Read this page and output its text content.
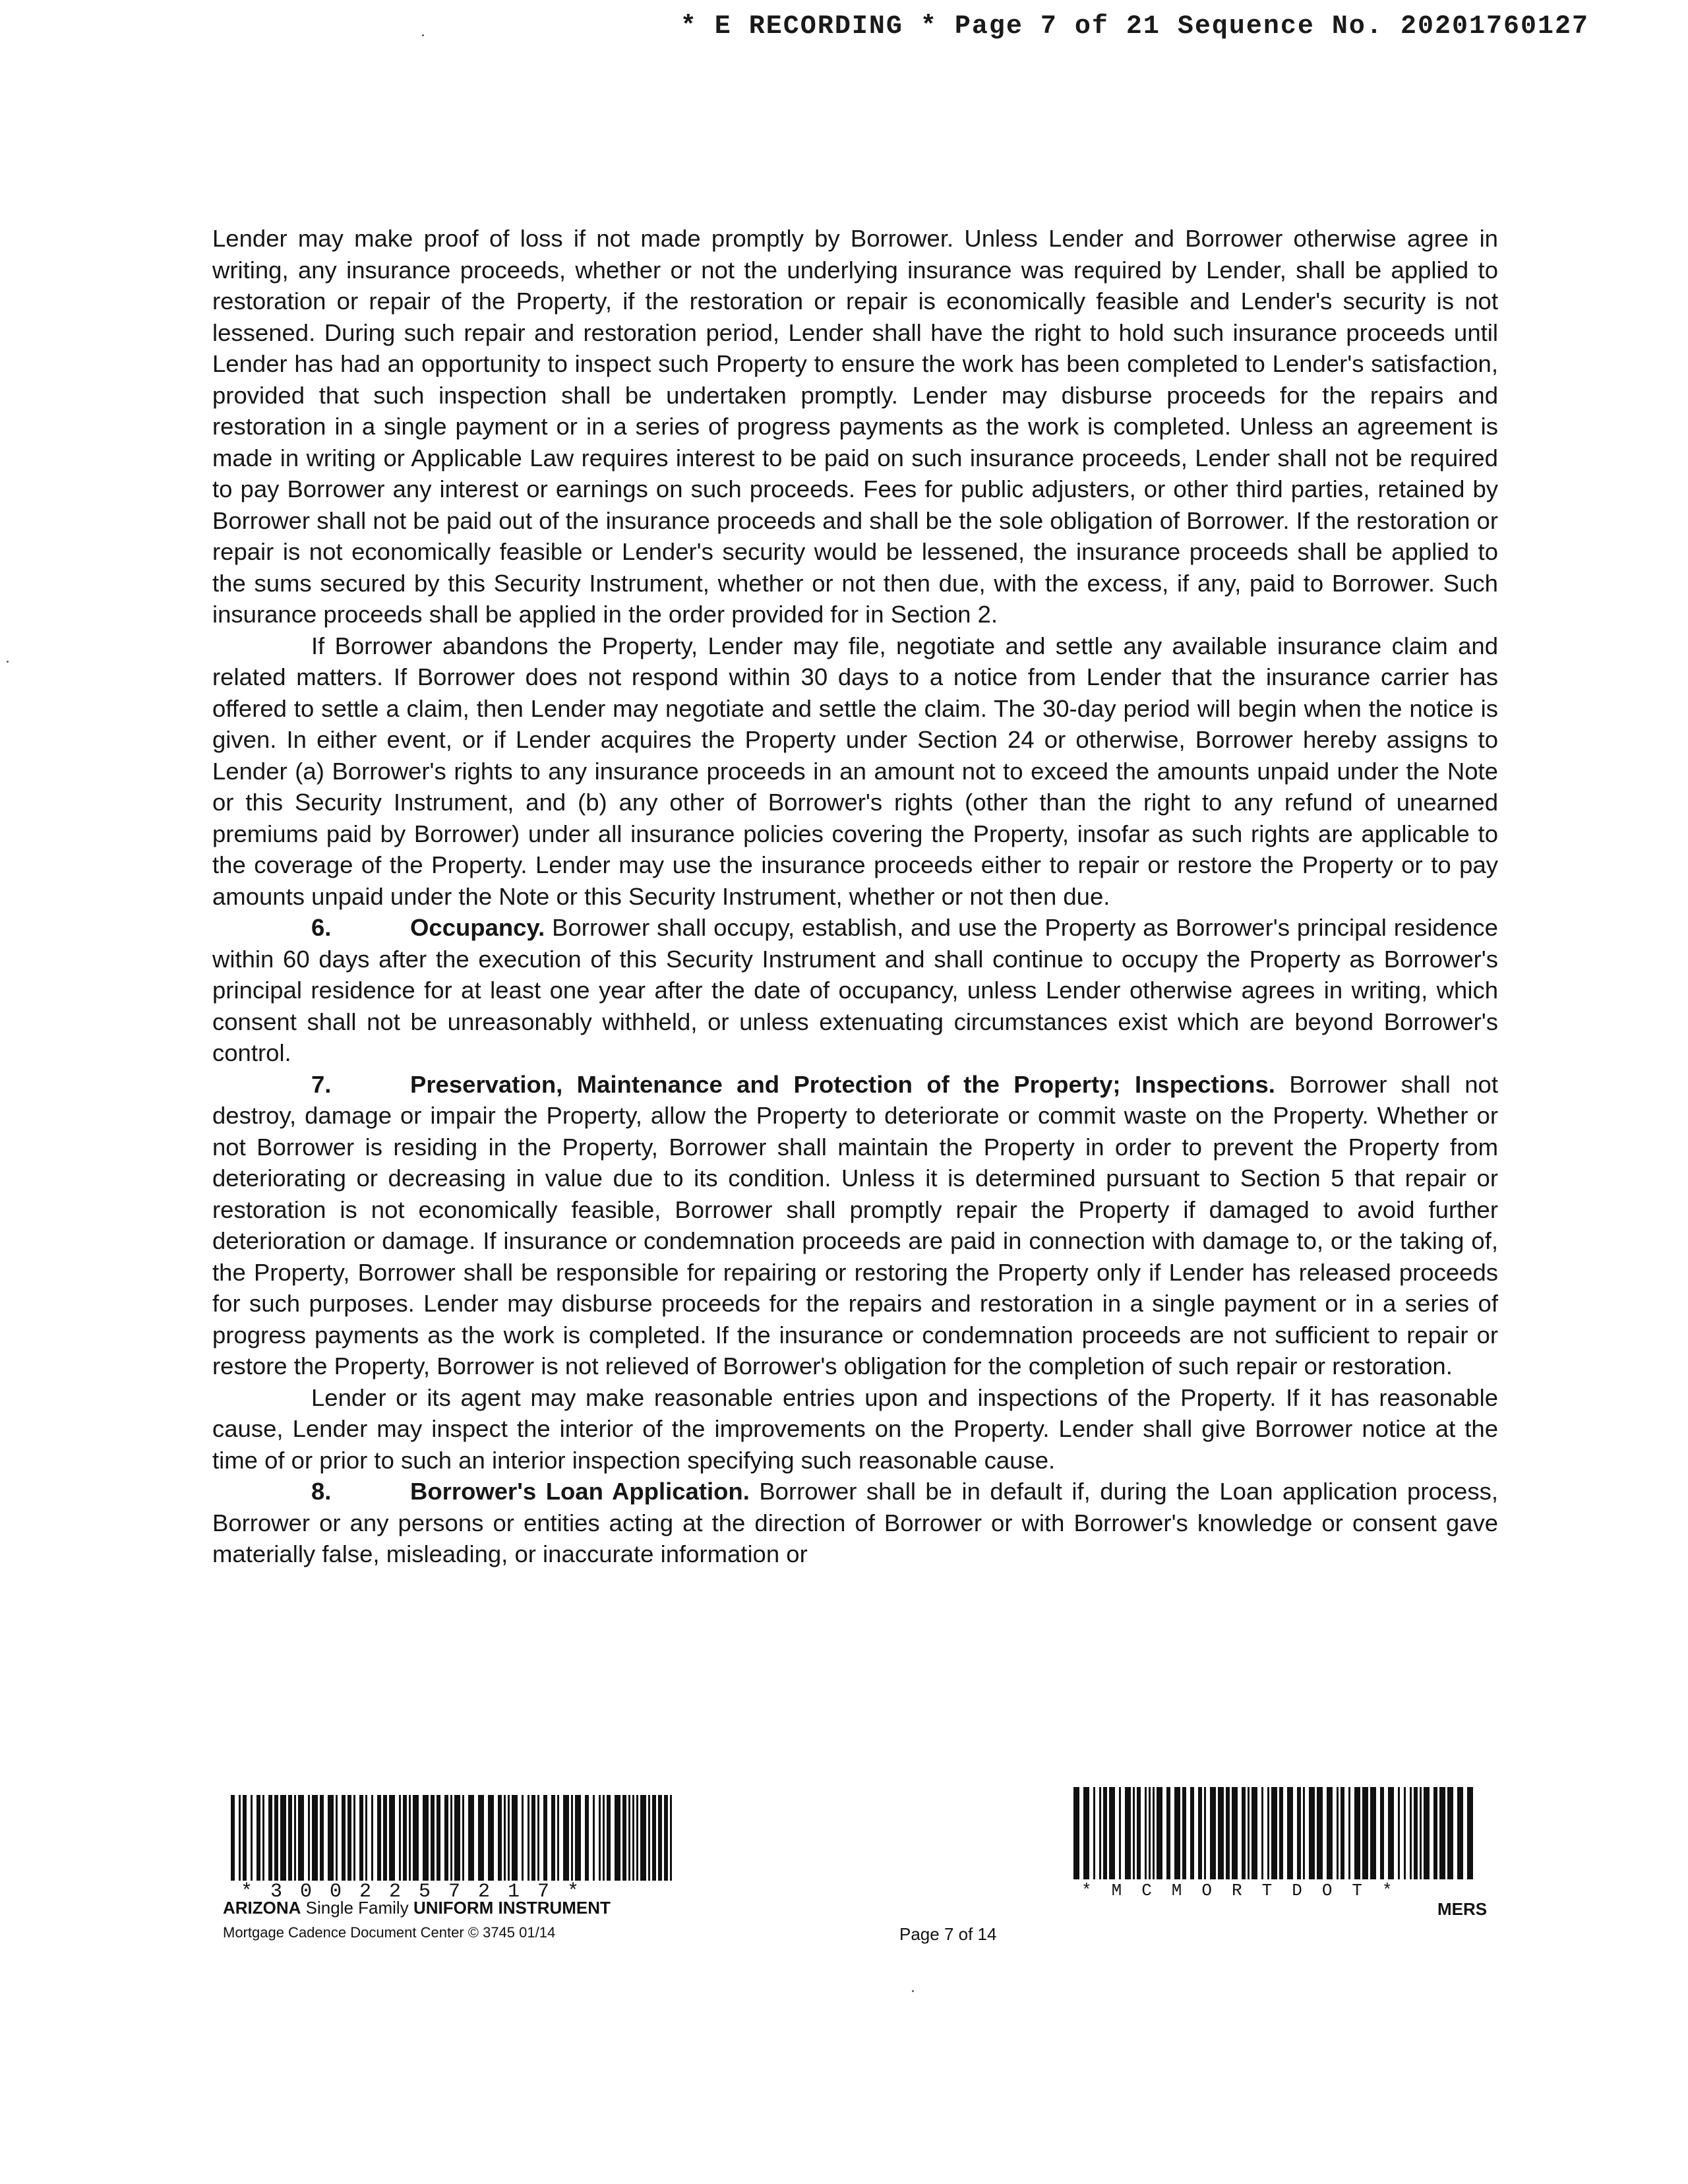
* E RECORDING * Page 7 of 21 Sequence No. 20201760127

Lender may make proof of loss if not made promptly by Borrower. Unless Lender and Borrower otherwise agree in writing, any insurance proceeds, whether or not the underlying insurance was required by Lender, shall be applied to restoration or repair of the Property, if the restoration or repair is economically feasible and Lender's security is not lessened. During such repair and restoration period, Lender shall have the right to hold such insurance proceeds until Lender has had an opportunity to inspect such Property to ensure the work has been completed to Lender's satisfaction, provided that such inspection shall be undertaken promptly. Lender may disburse proceeds for the repairs and restoration in a single payment or in a series of progress payments as the work is completed. Unless an agreement is made in writing or Applicable Law requires interest to be paid on such insurance proceeds, Lender shall not be required to pay Borrower any interest or earnings on such proceeds. Fees for public adjusters, or other third parties, retained by Borrower shall not be paid out of the insurance proceeds and shall be the sole obligation of Borrower. If the restoration or repair is not economically feasible or Lender's security would be lessened, the insurance proceeds shall be applied to the sums secured by this Security Instrument, whether or not then due, with the excess, if any, paid to Borrower. Such insurance proceeds shall be applied in the order provided for in Section 2.

If Borrower abandons the Property, Lender may file, negotiate and settle any available insurance claim and related matters. If Borrower does not respond within 30 days to a notice from Lender that the insurance carrier has offered to settle a claim, then Lender may negotiate and settle the claim. The 30-day period will begin when the notice is given. In either event, or if Lender acquires the Property under Section 24 or otherwise, Borrower hereby assigns to Lender (a) Borrower's rights to any insurance proceeds in an amount not to exceed the amounts unpaid under the Note or this Security Instrument, and (b) any other of Borrower's rights (other than the right to any refund of unearned premiums paid by Borrower) under all insurance policies covering the Property, insofar as such rights are applicable to the coverage of the Property. Lender may use the insurance proceeds either to repair or restore the Property or to pay amounts unpaid under the Note or this Security Instrument, whether or not then due.

6.	Occupancy. Borrower shall occupy, establish, and use the Property as Borrower's principal residence within 60 days after the execution of this Security Instrument and shall continue to occupy the Property as Borrower's principal residence for at least one year after the date of occupancy, unless Lender otherwise agrees in writing, which consent shall not be unreasonably withheld, or unless extenuating circumstances exist which are beyond Borrower's control.

7.	Preservation, Maintenance and Protection of the Property; Inspections. Borrower shall not destroy, damage or impair the Property, allow the Property to deteriorate or commit waste on the Property. Whether or not Borrower is residing in the Property, Borrower shall maintain the Property in order to prevent the Property from deteriorating or decreasing in value due to its condition. Unless it is determined pursuant to Section 5 that repair or restoration is not economically feasible, Borrower shall promptly repair the Property if damaged to avoid further deterioration or damage. If insurance or condemnation proceeds are paid in connection with damage to, or the taking of, the Property, Borrower shall be responsible for repairing or restoring the Property only if Lender has released proceeds for such purposes. Lender may disburse proceeds for the repairs and restoration in a single payment or in a series of progress payments as the work is completed. If the insurance or condemnation proceeds are not sufficient to repair or restore the Property, Borrower is not relieved of Borrower's obligation for the completion of such repair or restoration.

Lender or its agent may make reasonable entries upon and inspections of the Property. If it has reasonable cause, Lender may inspect the interior of the improvements on the Property. Lender shall give Borrower notice at the time of or prior to such an interior inspection specifying such reasonable cause.

8.	Borrower's Loan Application. Borrower shall be in default if, during the Loan application process, Borrower or any persons or entities acting at the direction of Borrower or with Borrower's knowledge or consent gave materially false, misleading, or inaccurate information or

*3002257217*	*MCMORTDOT*
ARIZONA Single Family UNIFORM INSTRUMENT
Mortgage Cadence Document Center © 3745 01/14	Page 7 of 14
MERS
